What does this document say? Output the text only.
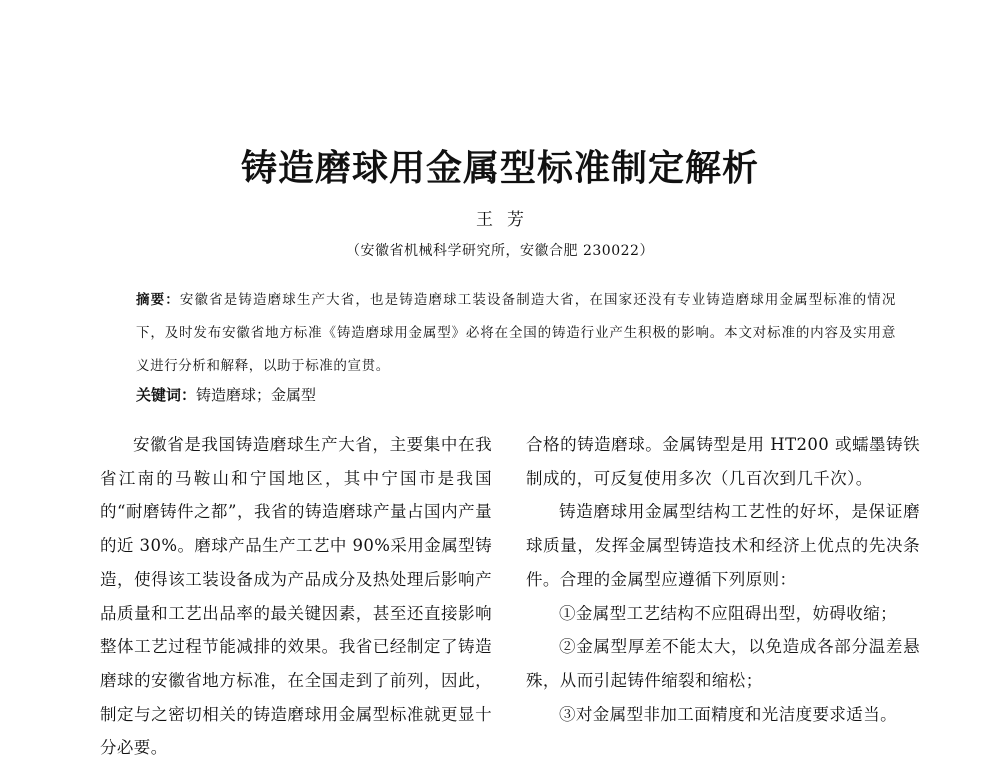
铸造磨球用金属型标准制定解析
王芳
（安徽省机械科学研究所，安徽合肥 230022）

摘要：安徽省是铸造磨球生产大省，也是铸造磨球工装设备制造大省，在国家还没有专业铸造磨球用金属型标准的情况下，及时发布安徽省地方标准《铸造磨球用金属型》必将在全国的铸造行业产生积极的影响。本文对标准的内容及实用意义进行分析和解释，以助于标准的宣贯。

关键词：铸造磨球；金属型

安徽省是我国铸造磨球生产大省，主要集中在我省江南的马鞍山和宁国地区，其中宁国市是我国的“耐磨铸件之都”，我省的铸造磨球产量占国内产量的近 30%。磨球产品生产工艺中 90%采用金属型铸造，使得该工装设备成为产品成分及热处理后影响产品质量和工艺出品率的最关键因素，甚至还直接影响整体工艺过程节能减排的效果。我省已经制定了铸造磨球的安徽省地方标准，在全国走到了前列，因此，制定与之密切相关的铸造磨球用金属型标准就更显十分必要。

合格的铸造磨球。金属铸型是用 HT200 或蠕墨铸铁制成的，可反复使用多次（几百次到几千次）。

铸造磨球用金属型结构工艺性的好坏，是保证磨球质量，发挥金属型铸造技术和经济上优点的先决条件。合理的金属型应遵循下列原则：

①金属型工艺结构不应阻碍出型，妨碍收缩；

②金属型厚差不能太大，以免造成各部分温差悬殊，从而引起铸件缩裂和缩松；

③对金属型非加工面精度和光洁度要求适当。
